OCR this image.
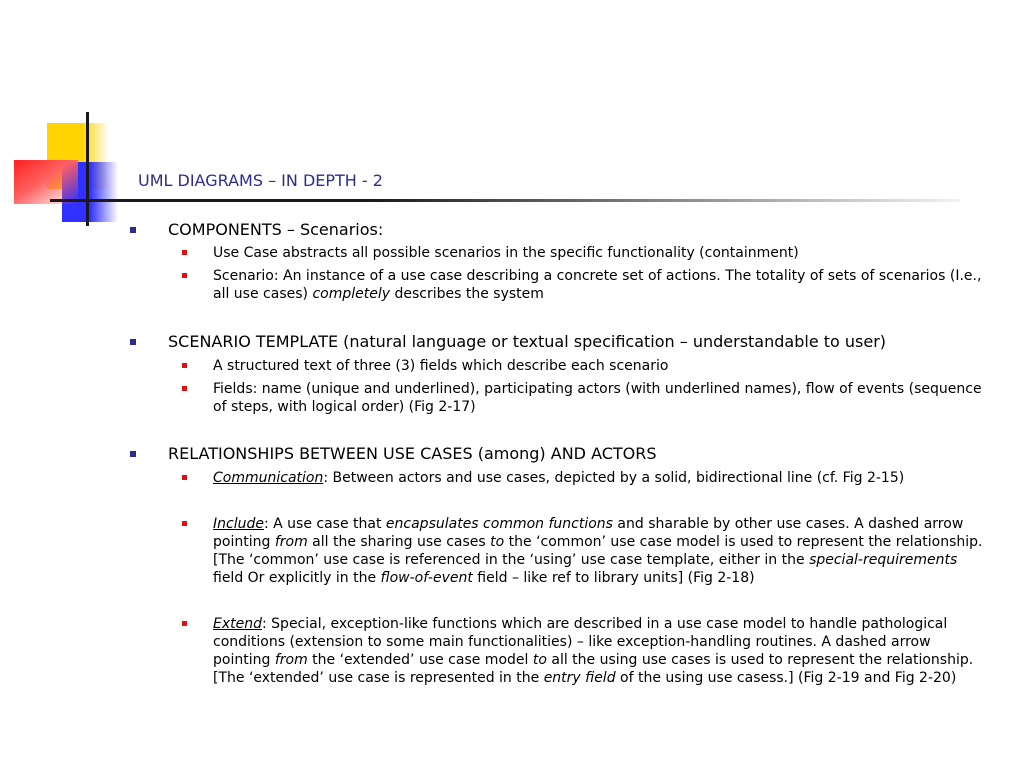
UML DIAGRAMS – IN DEPTH - 2
COMPONENTS – Scenarios:
Use Case abstracts all possible scenarios in the specific functionality (containment)
Scenario: An instance of a use case describing a concrete set of actions. The totality of sets of scenarios (I.e., all use cases) completely describes the system
SCENARIO TEMPLATE (natural language or textual specification – understandable to user)
A structured text of three (3) fields which describe each scenario
Fields: name (unique and underlined), participating actors (with underlined names), flow of events (sequence of steps, with logical order) (Fig 2-17)
RELATIONSHIPS BETWEEN USE CASES (among) AND ACTORS
Communication: Between actors and use cases, depicted by a solid, bidirectional line (cf. Fig 2-15)
Include: A use case that encapsulates common functions and sharable by other use cases. A dashed arrow pointing from all the sharing use cases to the ‘common’ use case model is used to represent the relationship. [The ‘common’ use case is referenced in the ‘using’ use case template, either in the special-requirements field Or explicitly in the flow-of-event field – like ref to library units] (Fig 2-18)
Extend: Special, exception-like functions which are described in a use case model to handle pathological conditions (extension to some main functionalities) – like exception-handling routines. A dashed arrow pointing from the ‘extended’ use case model to all the using use cases is used to represent the relationship. [The ‘extended’ use case is represented in the entry field of the using use casess.] (Fig 2-19 and Fig 2-20)
